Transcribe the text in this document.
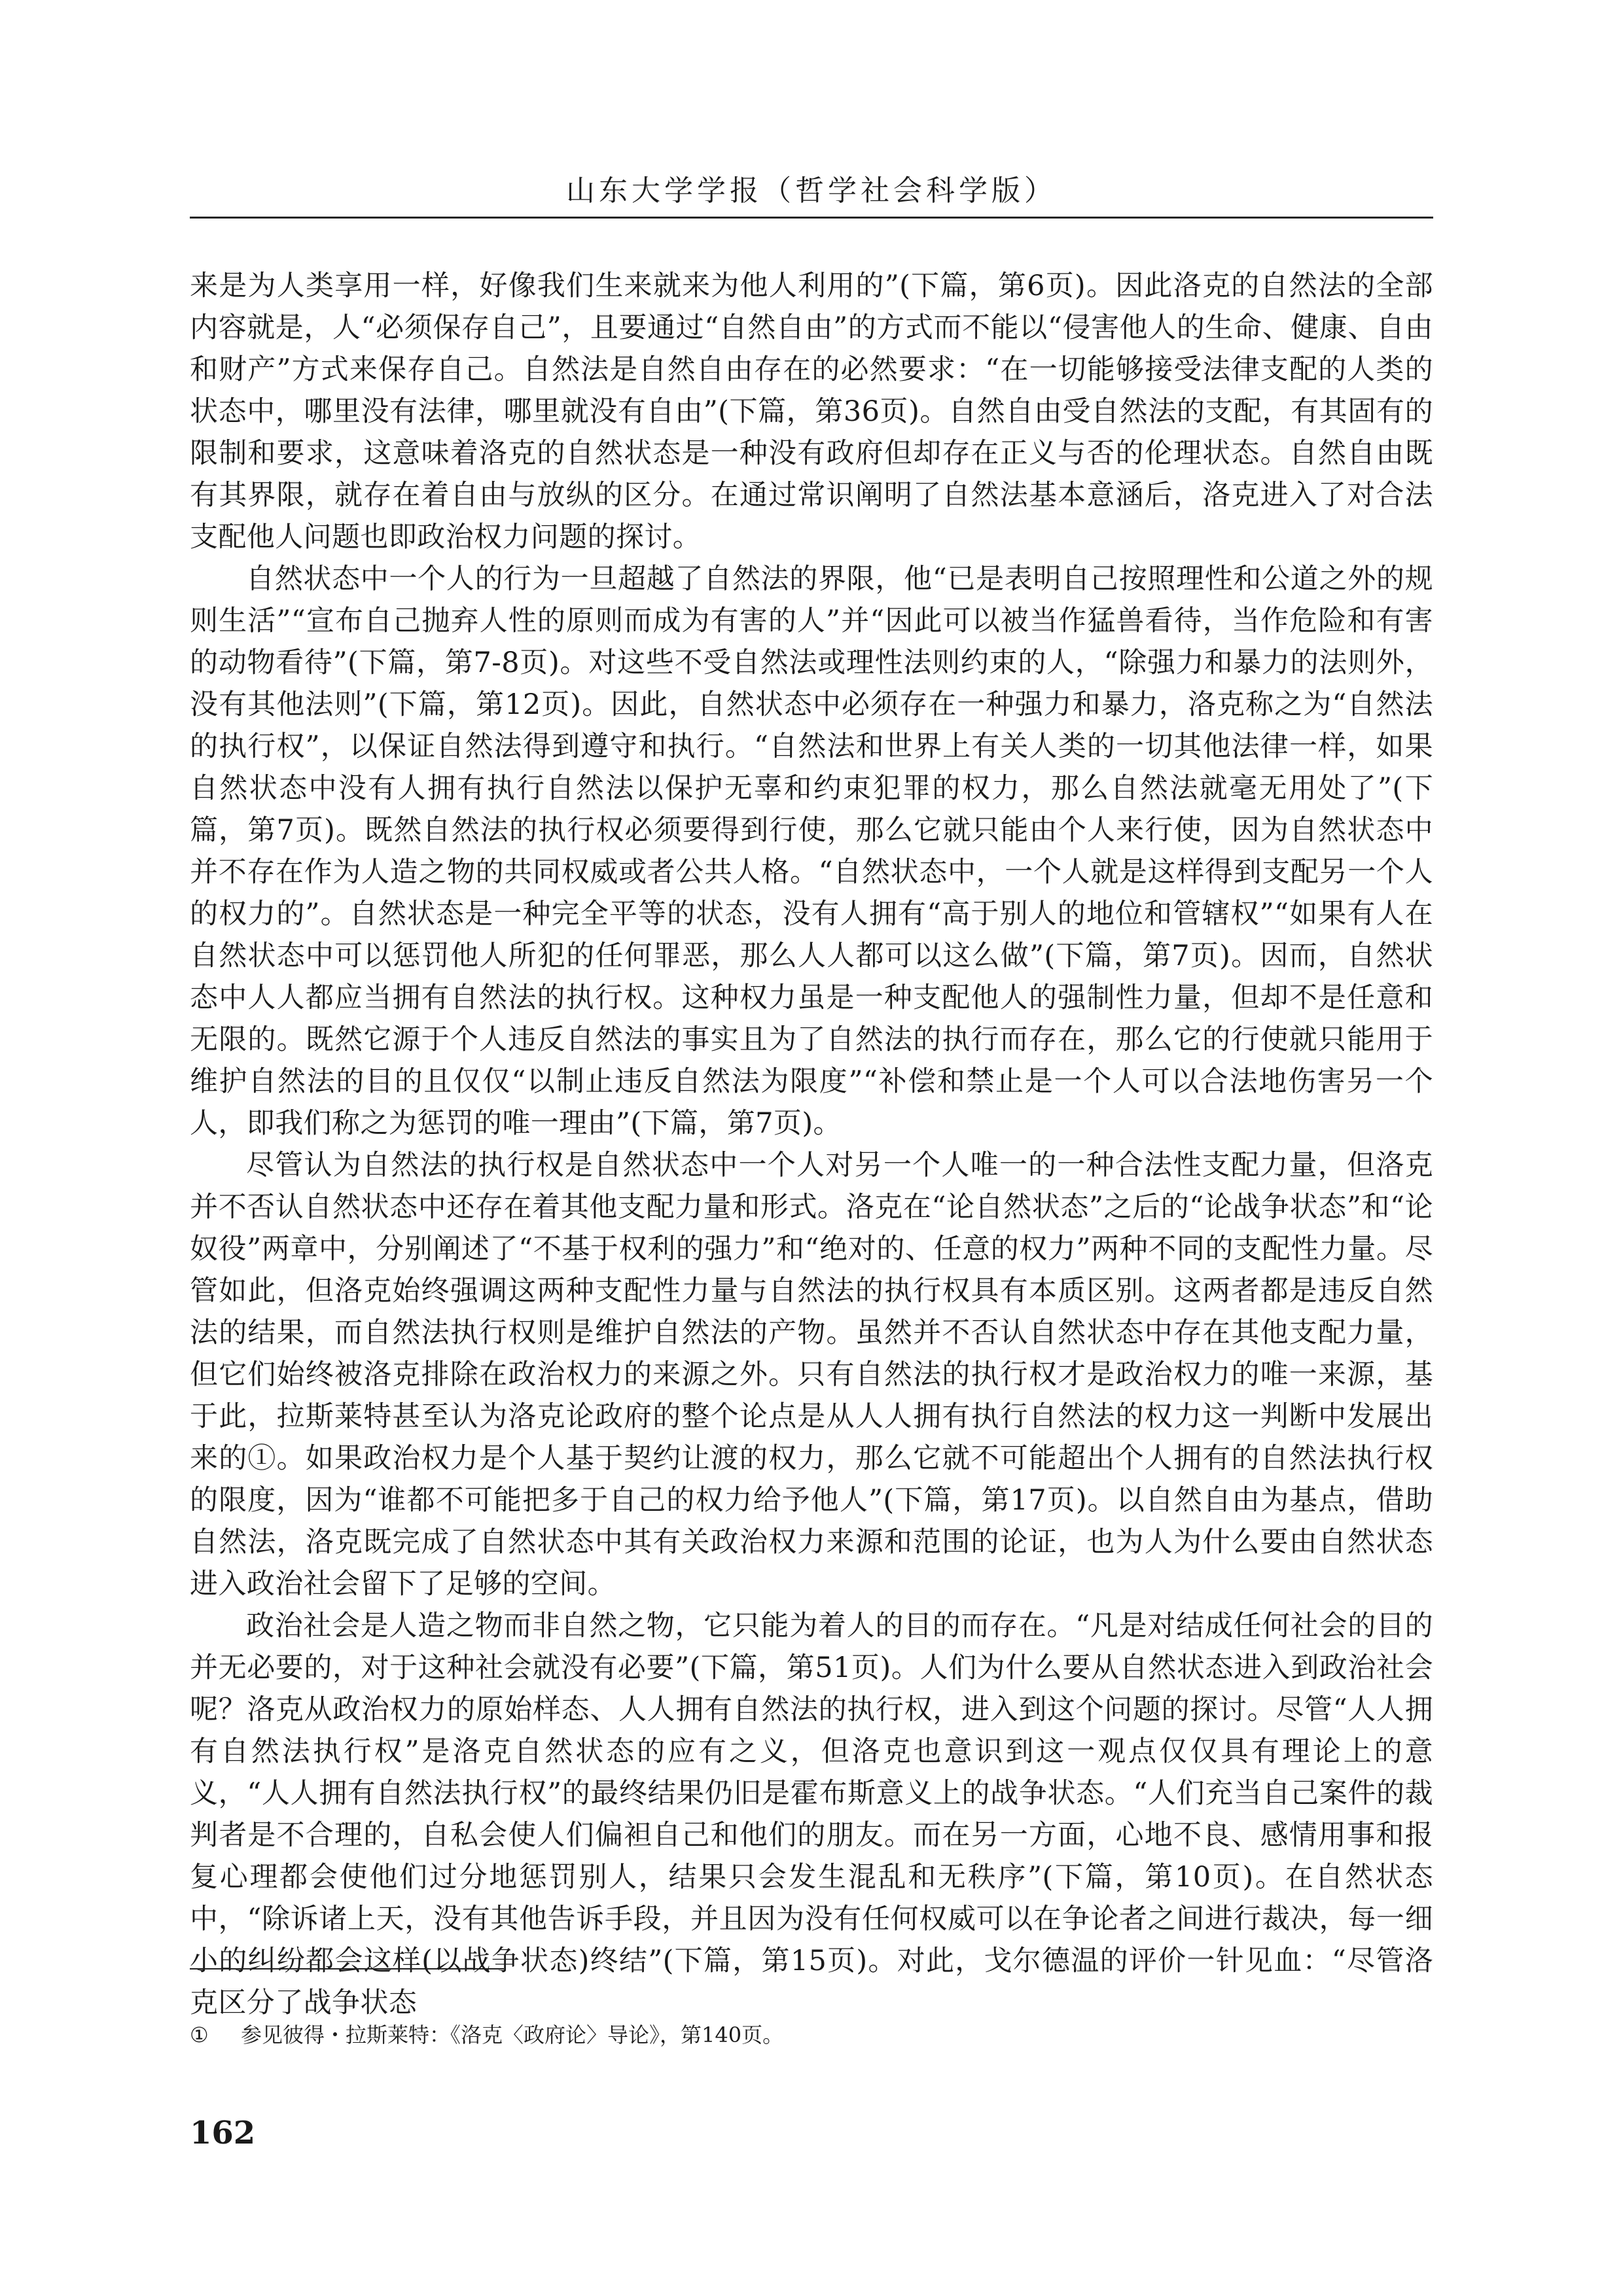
山东大学学报（哲学社会科学版）

来是为人类享用一样，好像我们生来就来为他人利用的”(下篇，第6页)。因此洛克的自然法的全部内容就是，人“必须保存自己”，且要通过“自然自由”的方式而不能以“侵害他人的生命、健康、自由和财产”方式来保存自己。自然法是自然自由存在的必然要求：“在一切能够接受法律支配的人类的状态中，哪里没有法律，哪里就没有自由”(下篇，第36页)。自然自由受自然法的支配，有其固有的限制和要求，这意味着洛克的自然状态是一种没有政府但却存在正义与否的伦理状态。自然自由既有其界限，就存在着自由与放纵的区分。在通过常识阐明了自然法基本意涵后，洛克进入了对合法支配他人问题也即政治权力问题的探讨。

自然状态中一个人的行为一旦超越了自然法的界限，他“已是表明自己按照理性和公道之外的规则生活”“宣布自己抛弃人性的原则而成为有害的人”并“因此可以被当作猛兽看待，当作危险和有害的动物看待”(下篇，第7-8页)。对这些不受自然法或理性法则约束的人，“除强力和暴力的法则外，没有其他法则”(下篇，第12页)。因此，自然状态中必须存在一种强力和暴力，洛克称之为“自然法的执行权”，以保证自然法得到遵守和执行。“自然法和世界上有关人类的一切其他法律一样，如果自然状态中没有人拥有执行自然法以保护无辜和约束犯罪的权力，那么自然法就毫无用处了”(下篇，第7页)。既然自然法的执行权必须要得到行使，那么它就只能由个人来行使，因为自然状态中并不存在作为人造之物的共同权威或者公共人格。“自然状态中，一个人就是这样得到支配另一个人的权力的”。自然状态是一种完全平等的状态，没有人拥有“高于别人的地位和管辖权”“如果有人在自然状态中可以惩罚他人所犯的任何罪恶，那么人人都可以这么做”(下篇，第7页)。因而，自然状态中人人都应当拥有自然法的执行权。这种权力虽是一种支配他人的强制性力量，但却不是任意和无限的。既然它源于个人违反自然法的事实且为了自然法的执行而存在，那么它的行使就只能用于维护自然法的目的且仅仅“以制止违反自然法为限度”“补偿和禁止是一个人可以合法地伤害另一个人，即我们称之为惩罚的唯一理由”(下篇，第7页)。

尽管认为自然法的执行权是自然状态中一个人对另一个人唯一的一种合法性支配力量，但洛克并不否认自然状态中还存在着其他支配力量和形式。洛克在“论自然状态”之后的“论战争状态”和“论奴役”两章中，分别阐述了“不基于权利的强力”和“绝对的、任意的权力”两种不同的支配性力量。尽管如此，但洛克始终强调这两种支配性力量与自然法的执行权具有本质区别。这两者都是违反自然法的结果，而自然法执行权则是维护自然法的产物。虽然并不否认自然状态中存在其他支配力量，但它们始终被洛克排除在政治权力的来源之外。只有自然法的执行权才是政治权力的唯一来源，基于此，拉斯莱特甚至认为洛克论政府的整个论点是从人人拥有执行自然法的权力这一判断中发展出来的①。如果政治权力是个人基于契约让渡的权力，那么它就不可能超出个人拥有的自然法执行权的限度，因为“谁都不可能把多于自己的权力给予他人”(下篇，第17页)。以自然自由为基点，借助自然法，洛克既完成了自然状态中其有关政治权力来源和范围的论证，也为人为什么要由自然状态进入政治社会留下了足够的空间。

政治社会是人造之物而非自然之物，它只能为着人的目的而存在。“凡是对结成任何社会的目的并无必要的，对于这种社会就没有必要”(下篇，第51页)。人们为什么要从自然状态进入到政治社会呢？洛克从政治权力的原始样态、人人拥有自然法的执行权，进入到这个问题的探讨。尽管“人人拥有自然法执行权”是洛克自然状态的应有之义，但洛克也意识到这一观点仅仅具有理论上的意义，“人人拥有自然法执行权”的最终结果仍旧是霍布斯意义上的战争状态。“人们充当自己案件的裁判者是不合理的，自私会使人们偏袒自己和他们的朋友。而在另一方面，心地不良、感情用事和报复心理都会使他们过分地惩罚别人，结果只会发生混乱和无秩序”(下篇，第10页)。在自然状态中，“除诉诸上天，没有其他告诉手段，并且因为没有任何权威可以在争论者之间进行裁决，每一细小的纠纷都会这样(以战争状态)终结”(下篇，第15页)。对此，戈尔德温的评价一针见血：“尽管洛克区分了战争状态

① 参见彼得・拉斯莱特：《洛克〈政府论〉导论》，第140页。
162
